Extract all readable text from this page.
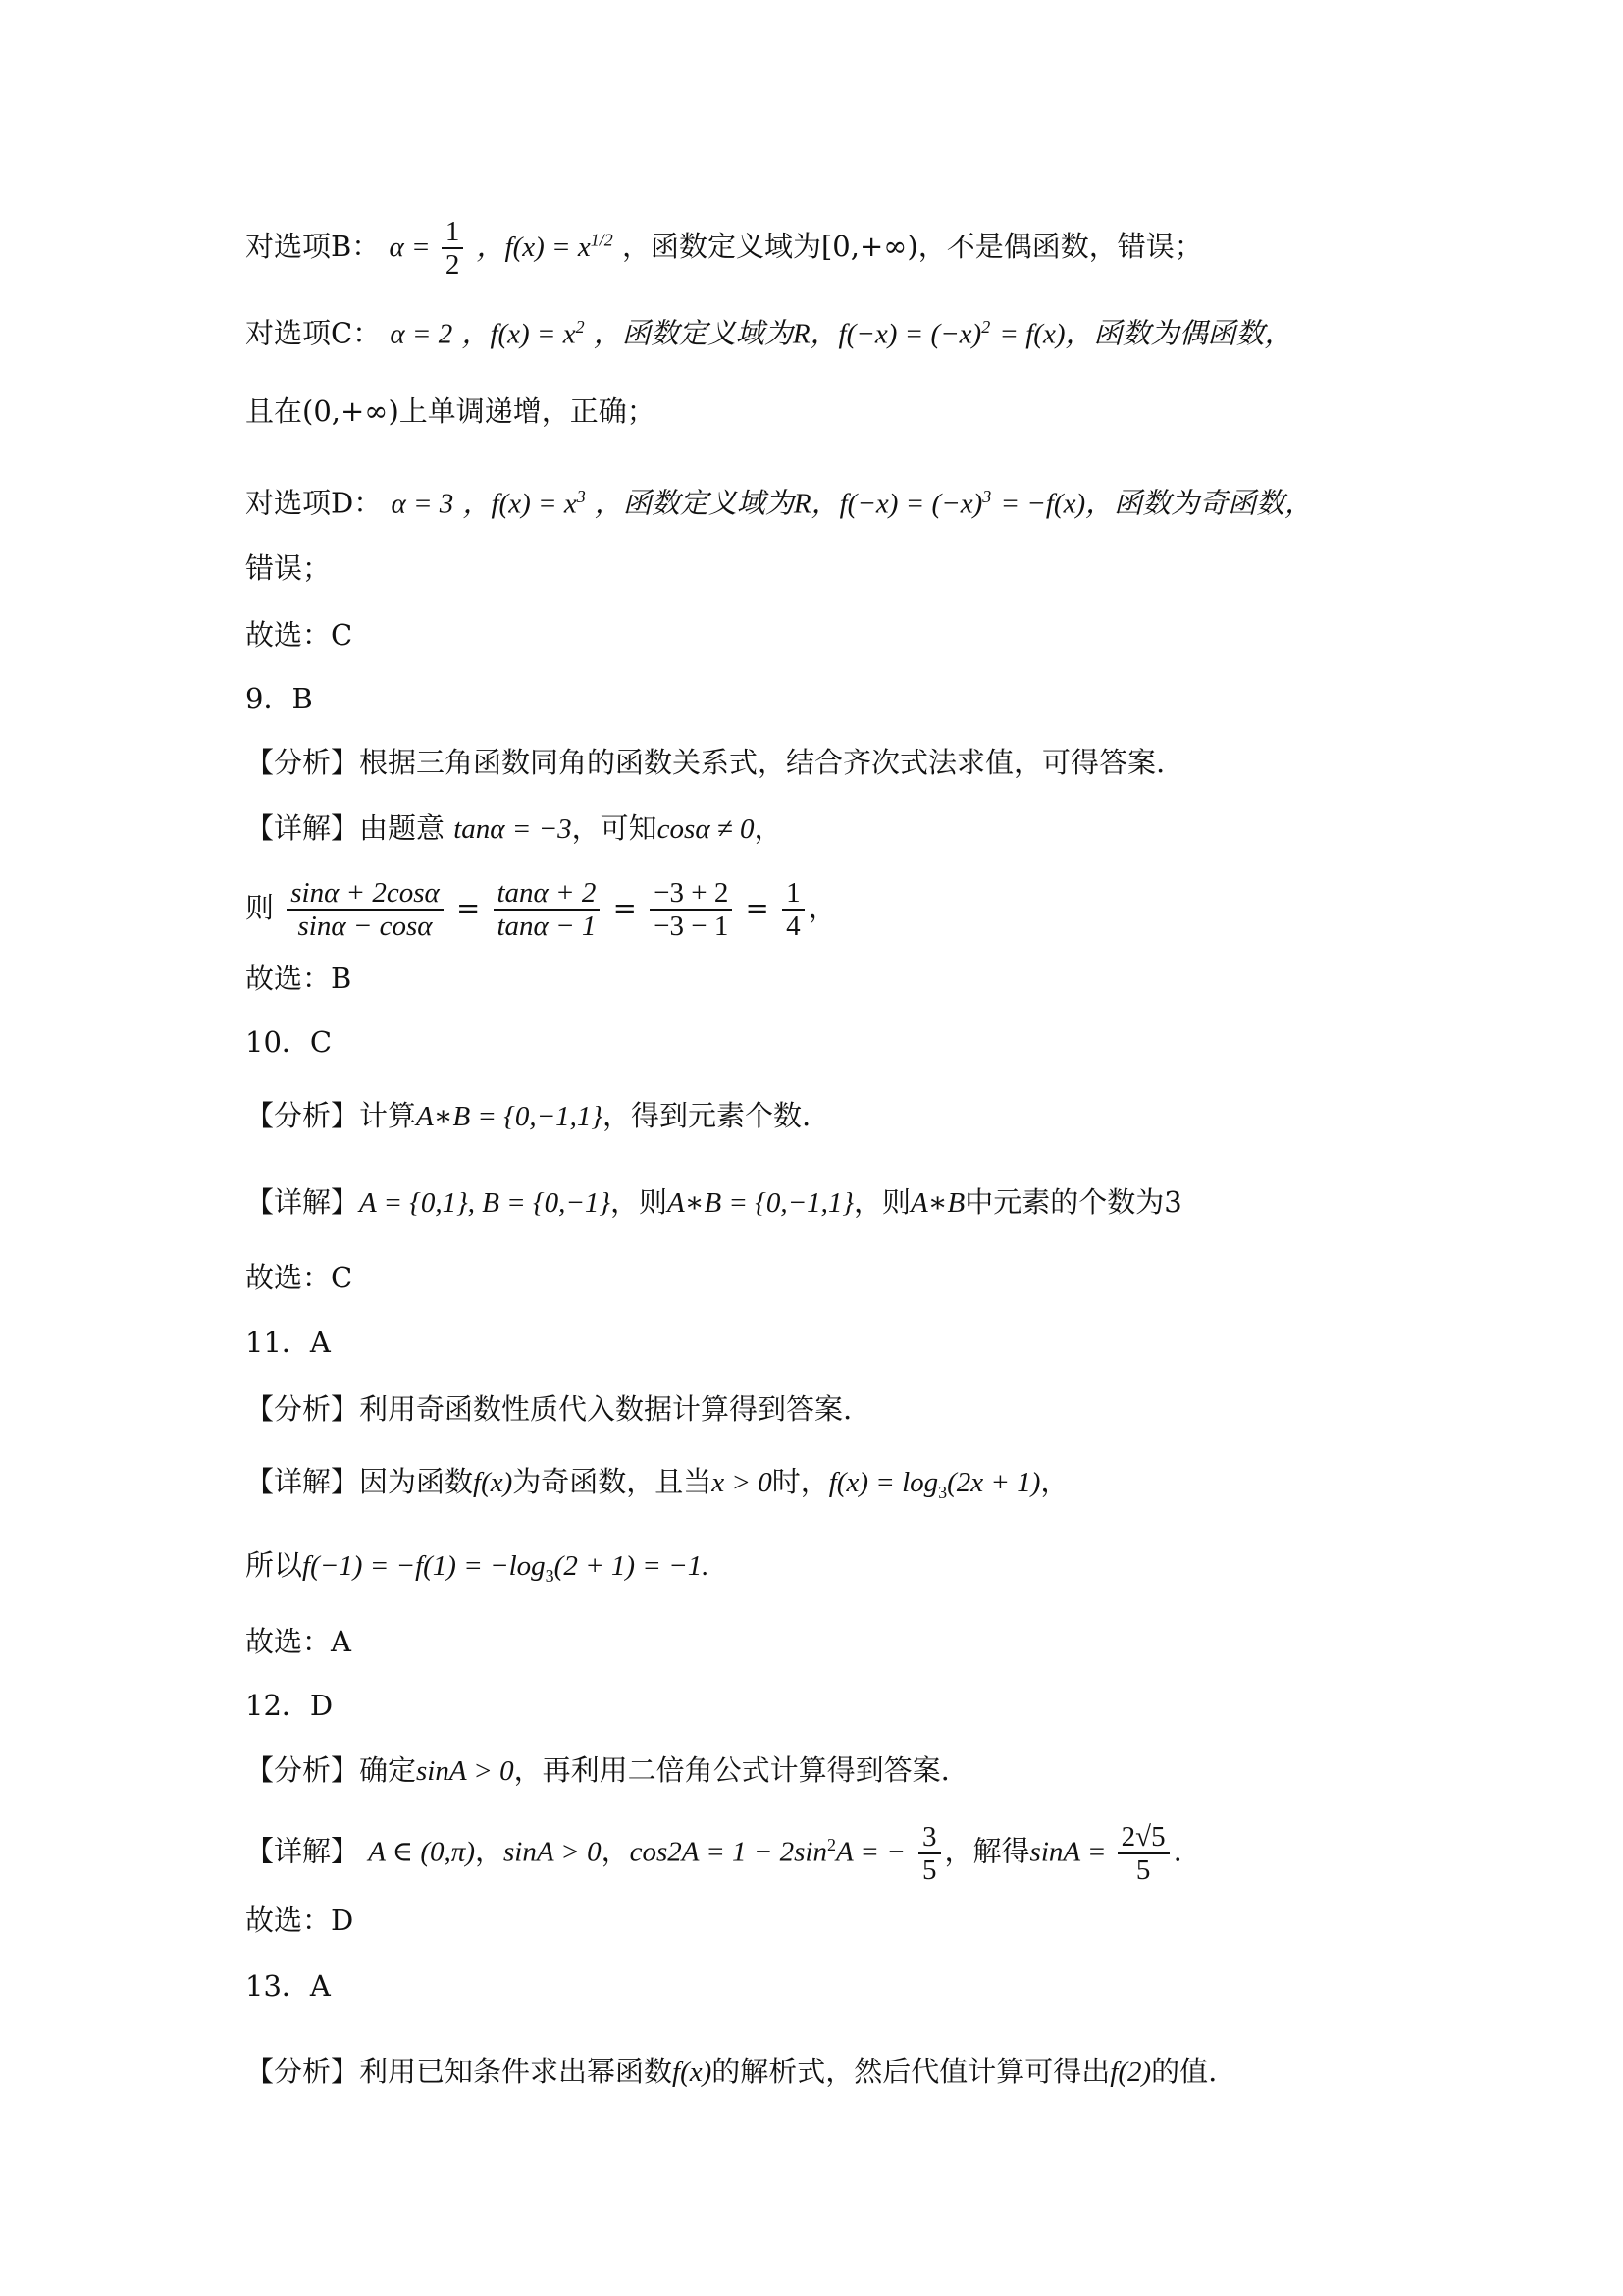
对选项B： $\alpha = \frac{1}{2}$ ，$f(x) = x^{1/2}$ ，函数定义域为[0,+∞)，不是偶函数，错误；
对选项C： α = 2 ，$f(x) = x^2$ ，函数定义域为R，$f(-x) = (-x)^2 = f(x)$，函数为偶函数，
且在(0,+∞)上单调递增，正确；
对选项D： α = 3 ，$f(x) = x^3$ ，函数定义域为R，$f(-x) = (-x)^3 = -f(x)$，函数为奇函数，
错误；
故选：C
9．B
【分析】根据三角函数同角的函数关系式，结合齐次式法求值，可得答案.
【详解】由题意 tanα = −3，可知cosα ≠ 0，
则 $\frac{\sin\alpha + 2\cos\alpha}{\sin\alpha - \cos\alpha} = \frac{\tan\alpha + 2}{\tan\alpha - 1} = \frac{-3 + 2}{-3 - 1} = \frac{1}{4}$ ，
故选：B
10．C
【分析】计算A∗B = {0,−1,1}，得到元素个数.
【详解】A = {0,1}, B = {0,−1}，则A∗B = {0,−1,1}，则A∗B中元素的个数为3
故选：C
11．A
【分析】利用奇函数性质代入数据计算得到答案.
【详解】因为函数f(x)为奇函数，且当x > 0时，$f(x) = \log_3(2x + 1)$，
所以$f(-1) = -f(1) = -\log_3(2 + 1) = -1$.
故选：A
12．D
【分析】确定sinA > 0，再利用二倍角公式计算得到答案.
【详解】 A ∈ (0,π)，sinA > 0，$\cos 2A = 1 - 2\sin^2A$ = − $\frac{3}{5}$ ，解得$\sin A = \frac{2√5}{5}$ .
故选：D
13．A
【分析】利用已知条件求出幂函数f(x)的解析式，然后代值计算可得出f(2)的值.
